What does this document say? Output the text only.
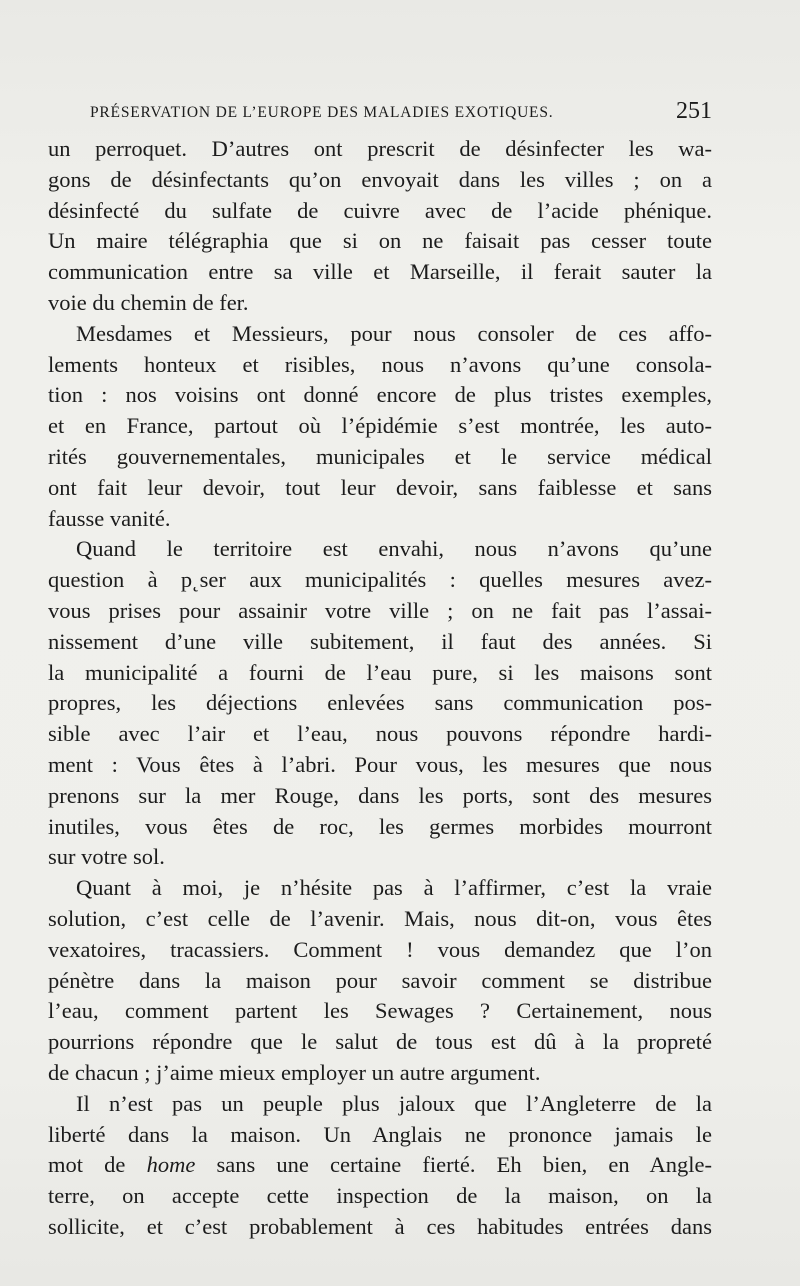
PRÉSERVATION DE L’EUROPE DES MALADIES EXOTIQUES.	251
un perroquet. D’autres ont prescrit de désinfecter les wa-
gons de désinfectants qu’on envoyait dans les villes ; on a
désinfecté du sulfate de cuivre avec de l’acide phénique.
Un maire télégraphia que si on ne faisait pas cesser toute
communication entre sa ville et Marseille, il ferait sauter la
voie du chemin de fer.
Mesdames et Messieurs, pour nous consoler de ces affo-
lements honteux et risibles, nous n’avons qu’une consola-
tion : nos voisins ont donné encore de plus tristes exemples,
et en France, partout où l’épidémie s’est montrée, les auto-
rités gouvernementales, municipales et le service médical
ont fait leur devoir, tout leur devoir, sans faiblesse et sans
fausse vanité.
Quand le territoire est envahi, nous n’avons qu’une
question à p˛ser aux municipalités : quelles mesures avez-
vous prises pour assainir votre ville ; on ne fait pas l’assai-
nissement d’une ville subitement, il faut des années. Si
la municipalité a fourni de l’eau pure, si les maisons sont
propres, les déjections enlevées sans communication pos-
sible avec l’air et l’eau, nous pouvons répondre hardi-
ment : Vous êtes à l’abri. Pour vous, les mesures que nous
prenons sur la mer Rouge, dans les ports, sont des mesures
inutiles, vous êtes de roc, les germes morbides mourront
sur votre sol.
Quant à moi, je n’hésite pas à l’affirmer, c’est la vraie
solution, c’est celle de l’avenir. Mais, nous dit-on, vous êtes
vexatoires, tracassiers. Comment ! vous demandez que l’on
pénètre dans la maison pour savoir comment se distribue
l’eau, comment partent les Sewages ? Certainement, nous
pourrions répondre que le salut de tous est dû à la propreté
de chacun ; j’aime mieux employer un autre argument.
Il n’est pas un peuple plus jaloux que l’Angleterre de la
liberté dans la maison. Un Anglais ne prononce jamais le
mot de home sans une certaine fierté. Eh bien, en Angle-
terre, on accepte cette inspection de la maison, on la
sollicite, et c’est probablement à ces habitudes entrées dans
